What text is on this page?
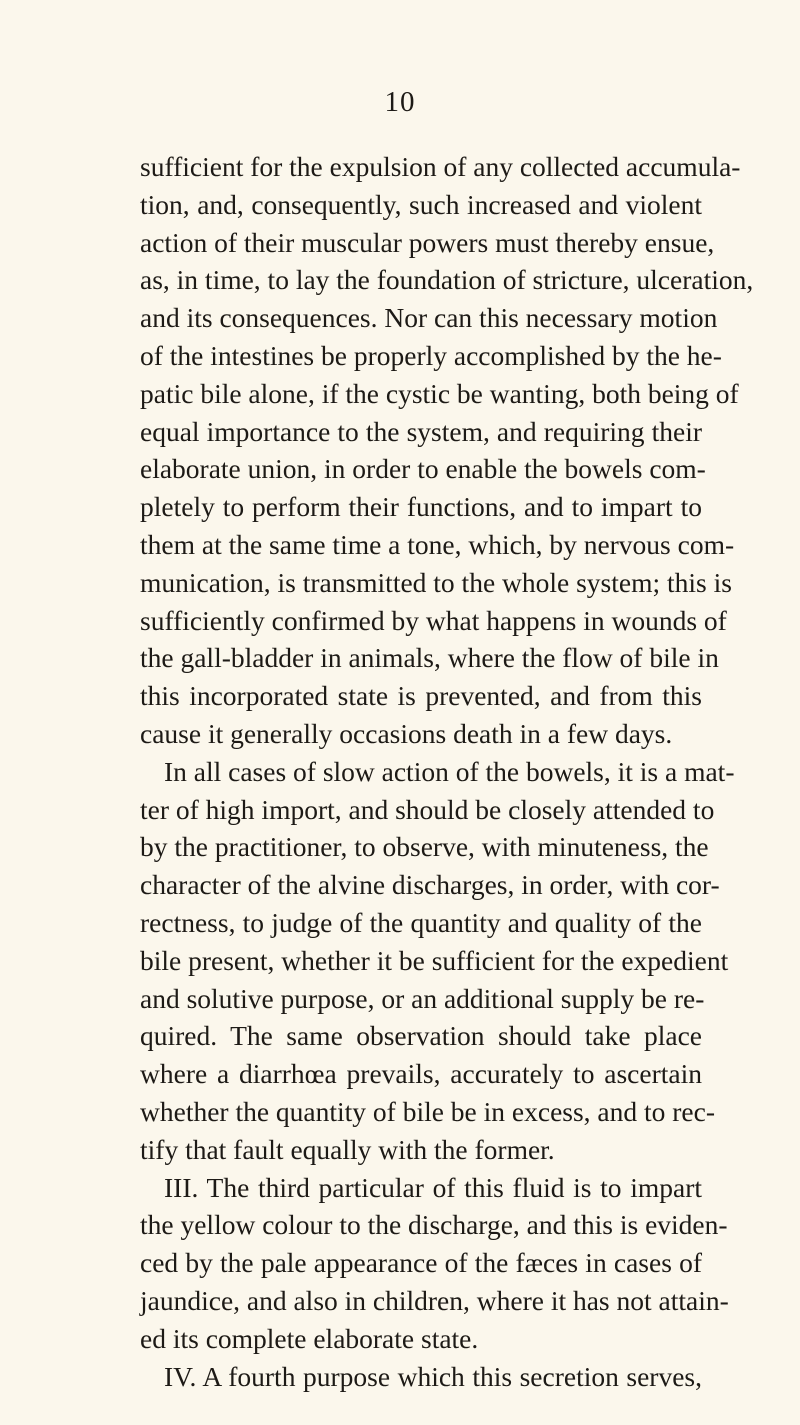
10
sufficient for the expulsion of any collected accumula-
tion, and, consequently, such increased and violent
action of their muscular powers must thereby ensue,
as, in time, to lay the foundation of stricture, ulceration,
and its consequences. Nor can this necessary motion
of the intestines be properly accomplished by the he-
patic bile alone, if the cystic be wanting, both being of
equal importance to the system, and requiring their
elaborate union, in order to enable the bowels com-
pletely to perform their functions, and to impart to
them at the same time a tone, which, by nervous com-
munication, is transmitted to the whole system; this is
sufficiently confirmed by what happens in wounds of
the gall-bladder in animals, where the flow of bile in
this incorporated state is prevented, and from this
cause it generally occasions death in a few days.
In all cases of slow action of the bowels, it is a mat-
ter of high import, and should be closely attended to
by the practitioner, to observe, with minuteness, the
character of the alvine discharges, in order, with cor-
rectness, to judge of the quantity and quality of the
bile present, whether it be sufficient for the expedient
and solutive purpose, or an additional supply be re-
quired. The same observation should take place
where a diarrhœa prevails, accurately to ascertain
whether the quantity of bile be in excess, and to rec-
tify that fault equally with the former.
III. The third particular of this fluid is to impart
the yellow colour to the discharge, and this is eviden-
ced by the pale appearance of the fæces in cases of
jaundice, and also in children, where it has not attain-
ed its complete elaborate state.
IV. A fourth purpose which this secretion serves,
